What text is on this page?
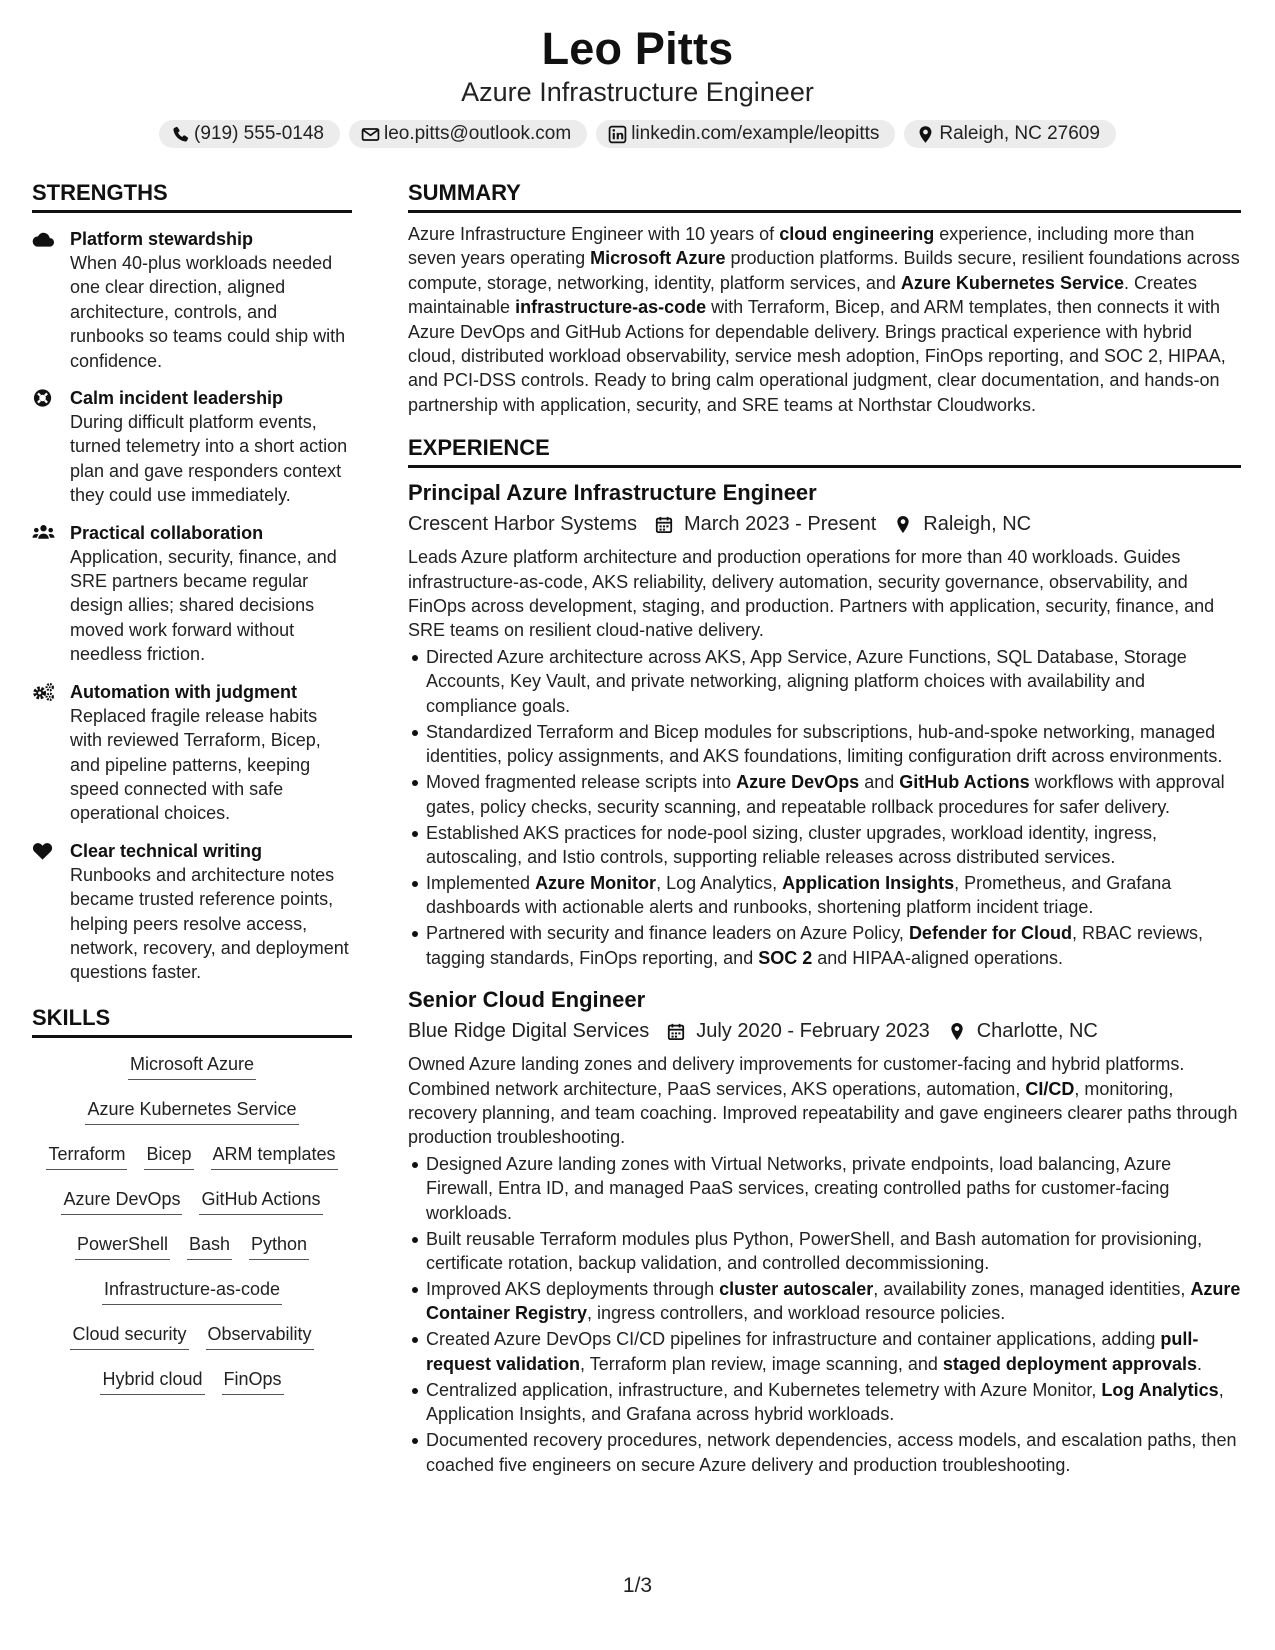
Leo Pitts
Azure Infrastructure Engineer
(919) 555-0148	leo.pitts@outlook.com	linkedin.com/example/leopitts	Raleigh, NC 27609
STRENGTHS
Platform stewardship
When 40-plus workloads needed one clear direction, aligned architecture, controls, and runbooks so teams could ship with confidence.
Calm incident leadership
During difficult platform events, turned telemetry into a short action plan and gave responders context they could use immediately.
Practical collaboration
Application, security, finance, and SRE partners became regular design allies; shared decisions moved work forward without needless friction.
Automation with judgment
Replaced fragile release habits with reviewed Terraform, Bicep, and pipeline patterns, keeping speed connected with safe operational choices.
Clear technical writing
Runbooks and architecture notes became trusted reference points, helping peers resolve access, network, recovery, and deployment questions faster.
SKILLS
Microsoft Azure
Azure Kubernetes Service
Terraform Bicep ARM templates
Azure DevOps GitHub Actions
PowerShell Bash Python
Infrastructure-as-code
Cloud security Observability
Hybrid cloud FinOps
SUMMARY

Azure Infrastructure Engineer with 10 years of cloud engineering experience, including more than seven years operating Microsoft Azure production platforms. Builds secure, resilient foundations across compute, storage, networking, identity, platform services, and Azure Kubernetes Service. Creates maintainable infrastructure-as-code with Terraform, Bicep, and ARM templates, then connects it with Azure DevOps and GitHub Actions for dependable delivery. Brings practical experience with hybrid cloud, distributed workload observability, service mesh adoption, FinOps reporting, and SOC 2, HIPAA, and PCI-DSS controls. Ready to bring calm operational judgment, clear documentation, and hands-on partnership with application, security, and SRE teams at Northstar Cloudworks.

EXPERIENCE
Principal Azure Infrastructure Engineer
Crescent Harbor Systems March 2023 - Present Raleigh, NC

Leads Azure platform architecture and production operations for more than 40 workloads. Guides infrastructure-as-code, AKS reliability, delivery automation, security governance, observability, and FinOps across development, staging, and production. Partners with application, security, finance, and SRE teams on resilient cloud-native delivery.

Directed Azure architecture across AKS, App Service, Azure Functions, SQL Database, Storage Accounts, Key Vault, and private networking, aligning platform choices with availability and compliance goals.
Standardized Terraform and Bicep modules for subscriptions, hub-and-spoke networking, managed identities, policy assignments, and AKS foundations, limiting configuration drift across environments.
Moved fragmented release scripts into Azure DevOps and GitHub Actions workflows with approval gates, policy checks, security scanning, and repeatable rollback procedures for safer delivery.
Established AKS practices for node-pool sizing, cluster upgrades, workload identity, ingress, autoscaling, and Istio controls, supporting reliable releases across distributed services.
Implemented Azure Monitor, Log Analytics, Application Insights, Prometheus, and Grafana dashboards with actionable alerts and runbooks, shortening platform incident triage.
Partnered with security and finance leaders on Azure Policy, Defender for Cloud, RBAC reviews, tagging standards, FinOps reporting, and SOC 2 and HIPAA-aligned operations.
Senior Cloud Engineer
Blue Ridge Digital Services July 2020 - February 2023 Charlotte, NC

Owned Azure landing zones and delivery improvements for customer-facing and hybrid platforms. Combined network architecture, PaaS services, AKS operations, automation, CI/CD, monitoring, recovery planning, and team coaching. Improved repeatability and gave engineers clearer paths through production troubleshooting.

Designed Azure landing zones with Virtual Networks, private endpoints, load balancing, Azure Firewall, Entra ID, and managed PaaS services, creating controlled paths for customer-facing workloads.
Built reusable Terraform modules plus Python, PowerShell, and Bash automation for provisioning, certificate rotation, backup validation, and controlled decommissioning.
Improved AKS deployments through cluster autoscaler, availability zones, managed identities, Azure Container Registry, ingress controllers, and workload resource policies.
Created Azure DevOps CI/CD pipelines for infrastructure and container applications, adding pull-request validation, Terraform plan review, image scanning, and staged deployment approvals.
Centralized application, infrastructure, and Kubernetes telemetry with Azure Monitor, Log Analytics, Application Insights, and Grafana across hybrid workloads.
Documented recovery procedures, network dependencies, access models, and escalation paths, then coached five engineers on secure Azure delivery and production troubleshooting.
1/3
